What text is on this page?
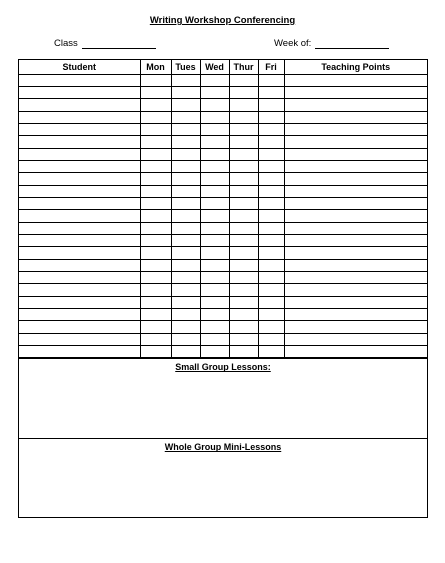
Writing Workshop Conferencing
Class	Week of:
Student	Mon	Tues	Wed	Thur	Fri	Teaching Points

Small Group Lessons:
Whole Group Mini-Lessons
